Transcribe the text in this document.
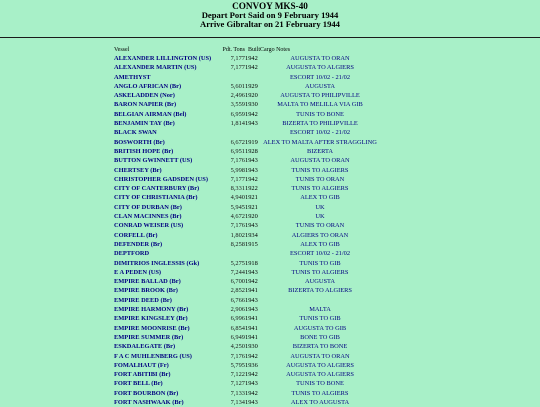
CONVOY MKS-40
Depart Port Said on 9 February 1944
Arrive Gibraltar on 21 February 1944
Vessel	Pdt. Tons	Built	Cargo Notes
ALEXANDER LILLINGTON (US)	7,177	1942	AUGUSTA TO ORAN
ALEXANDER MARTIN (US)	7,177	1942	AUGUSTA TO ALGIERS
AMETHYST			ESCORT 10/02 - 21/02
ANGLO AFRICAN (Br)	5,601	1929	AUGUSTA
ASKELADDEN (Nor)	2,496	1920	AUGUSTA TO PHILIPVILLE
BARON NAPIER (Br)	3,559	1930	MALTA TO MELILLA VIA GIB
BELGIAN AIRMAN (Bel)	6,959	1942	TUNIS TO BONE
BENJAMIN TAY (Br)	1,814	1943	BIZERTA TO PHILIPVILLE
BLACK SWAN			ESCORT 10/02 - 21/02
BOSWORTH (Br)	6,672	1919	ALEX TO MALTA AFTER STRAGGLING
BRITISH HOPE (Br)	6,951	1928	BIZERTA
BUTTON GWINNETT (US)	7,176	1943	AUGUSTA TO ORAN
CHERTSEY (Br)	5,998	1943	TUNIS TO ALGIERS
CHRISTOPHER GADSDEN (US)	7,177	1942	TUNIS TO ORAN
CITY OF CANTERBURY (Br)	8,331	1922	TUNIS TO ALGIERS
CITY OF CHRISTIANIA (Br)	4,940	1921	ALEX TO GIB
CITY OF DURBAN (Br)	5,945	1921	UK
CLAN MACINNES (Br)	4,672	1920	UK
CONRAD WEISER (US)	7,176	1943	TUNIS TO ORAN
CORFELL (Br)	1,802	1934	ALGIERS TO ORAN
DEFENDER (Br)	8,258	1915	ALEX TO GIB
DEPTFORD			ESCORT 10/02 - 21/02
DIMITRIOS INGLESSIS (Gk)	5,275	1918	TUNIS TO GIB
E A PEDEN (US)	7,244	1943	TUNIS TO ALGIERS
EMPIRE BALLAD (Br)	6,700	1942	AUGUSTA
EMPIRE BROOK (Br)	2,852	1941	BIZERTA TO ALGIERS
EMPIRE DEED (Br)	6,766	1943	
EMPIRE HARMONY (Br)	2,906	1943	MALTA
EMPIRE KINGSLEY (Br)	6,996	1941	TUNIS TO GIB
EMPIRE MOONRISE (Br)	6,854	1941	AUGUSTA TO GIB
EMPIRE SUMMER (Br)	6,949	1941	BONE TO GIB
ESKDALEGATE (Br)	4,250	1930	BIZERTA TO BONE
F A C MUHLENBERG (US)	7,176	1942	AUGUSTA TO ORAN
FOMALHAUT (Fr)	5,795	1936	AUGUSTA TO ALGIERS
FORT ABITIBI (Br)	7,122	1942	AUGUSTA TO ALGIERS
FORT BELL (Br)	7,127	1943	TUNIS TO BONE
FORT BOURBON (Br)	7,133	1942	TUNIS TO ALGIERS
FORT NASHWAAK (Br)	7,134	1943	ALEX TO AUGUSTA
